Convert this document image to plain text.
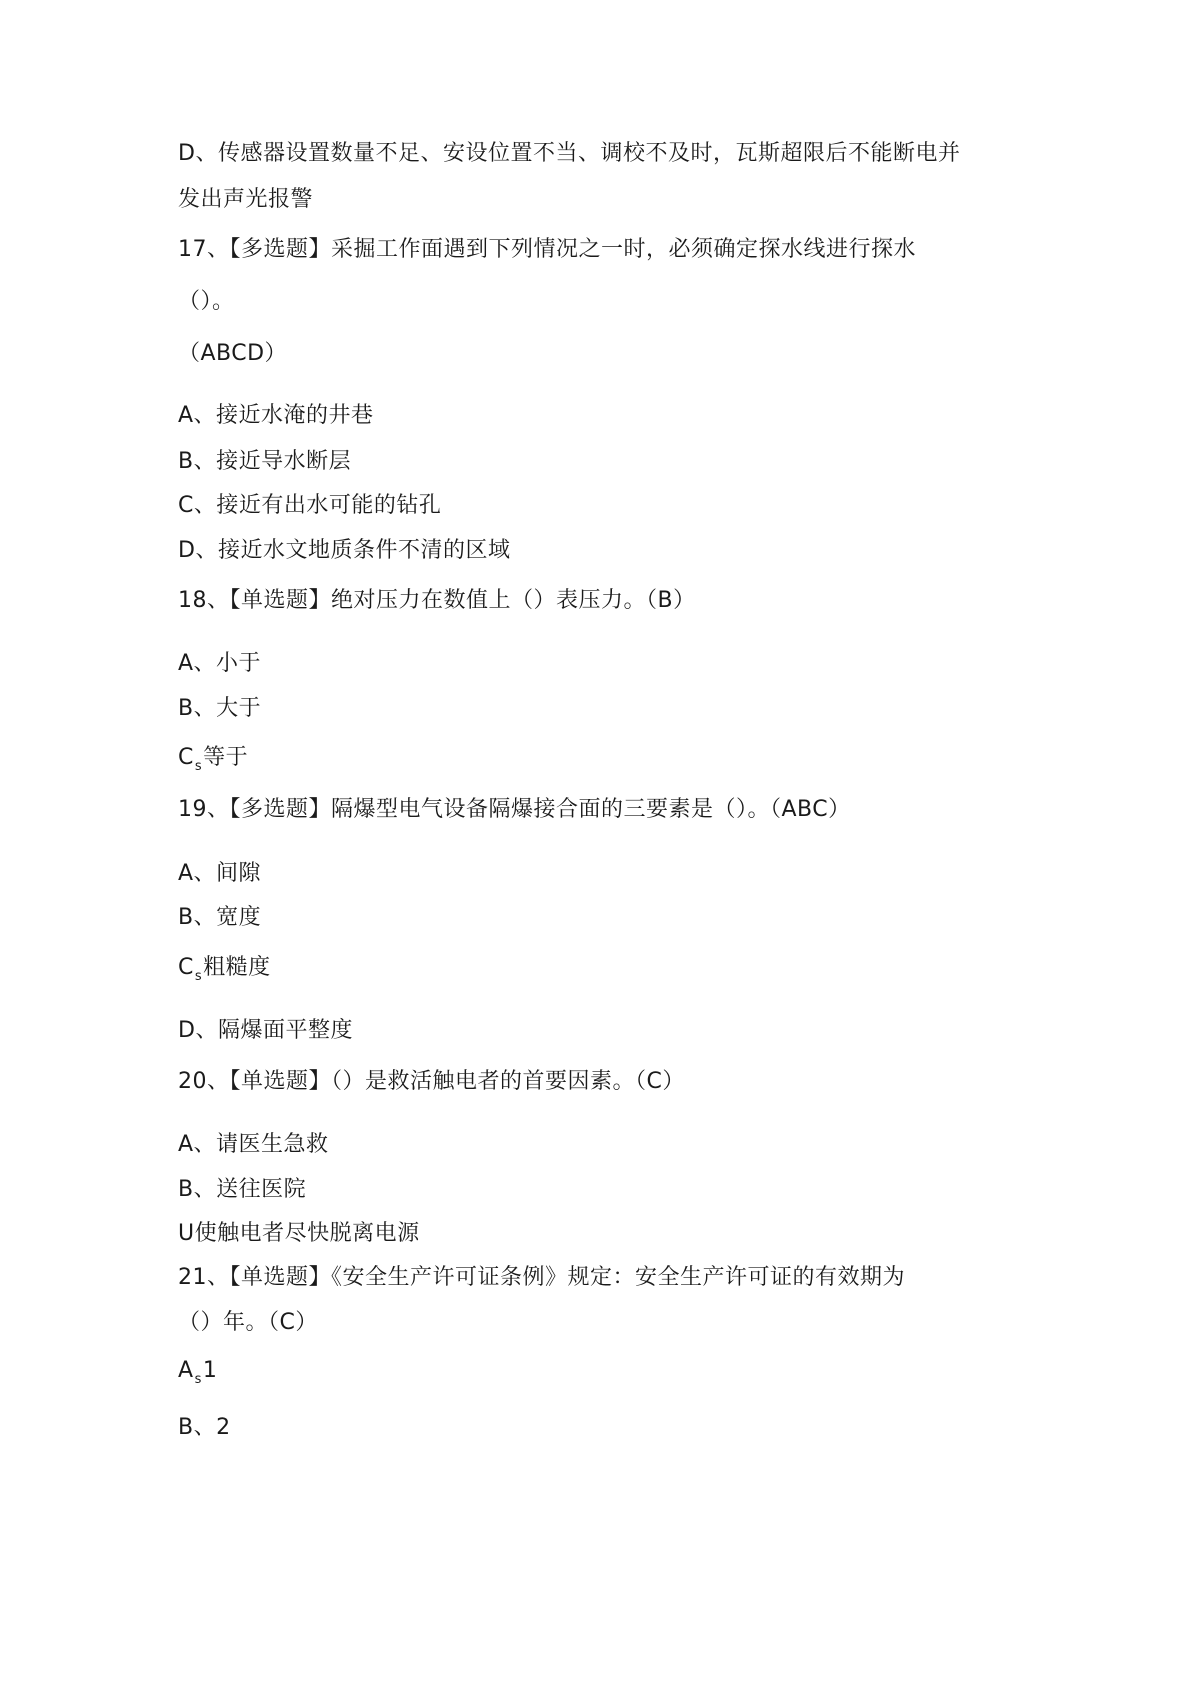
D、传感器设置数量不足、安设位置不当、调校不及时，瓦斯超限后不能断电并
发出声光报警
17、【多选题】采掘工作面遇到下列情况之一时，必须确定探水线进行探水
（）。
（ABCD）
A、接近水淹的井巷
B、接近导水断层
C、接近有出水可能的钻孔
D、接近水文地质条件不清的区域
18、【单选题】绝对压力在数值上（）表压力。（B）
A、小于
B、大于
$C_s$等于
19、【多选题】隔爆型电气设备隔爆接合面的三要素是（）。（ABC）
A、间隙
B、宽度
$C_s$粗糙度
D、隔爆面平整度
20、【单选题】（）是救活触电者的首要因素。（C）
A、请医生急救
B、送往医院
U使触电者尽快脱离电源
21、【单选题】《安全生产许可证条例》规定：安全生产许可证的有效期为
（）年。（C）
$A_s1$
B、2
